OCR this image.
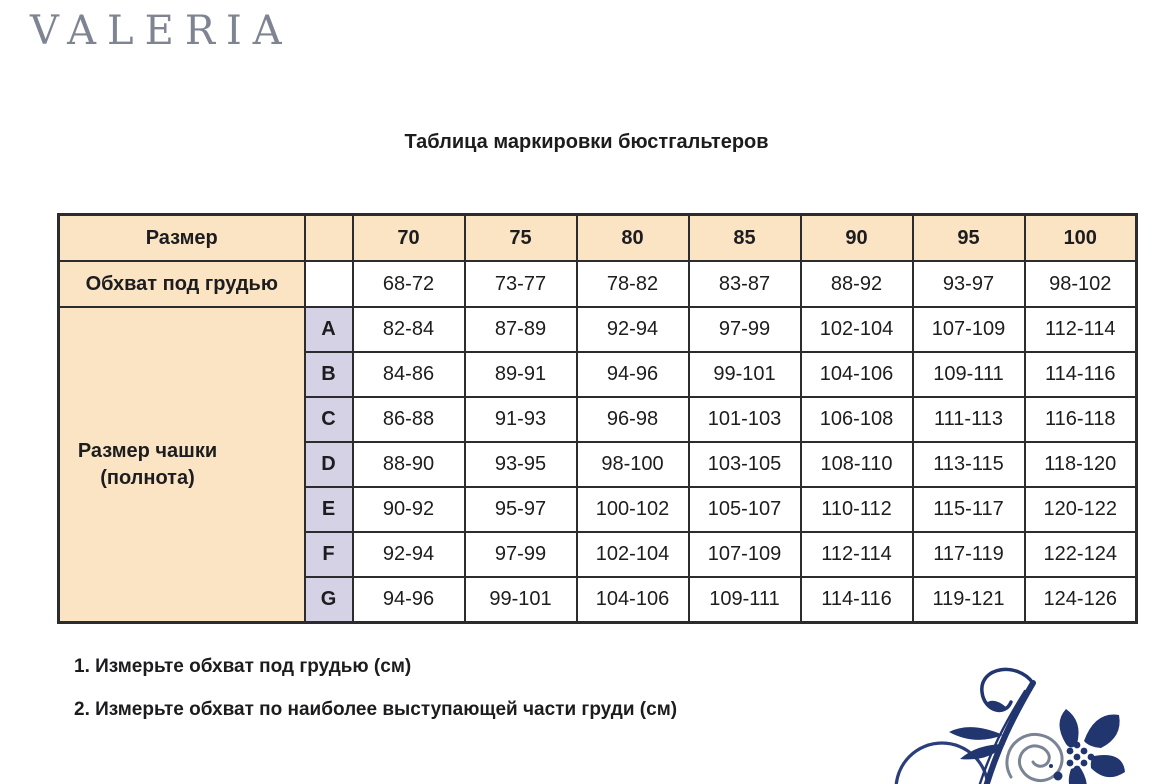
VALERIA
Таблица маркировки бюстгальтеров
Размер		70	75	80	85	90	95	100
Обхват под грудью		68-72	73-77	78-82	83-87	88-92	93-97	98-102

Размер чашки (полнота)	A	82-84	87-89	92-94	97-99	102-104	107-109	112-114
	B	84-86	89-91	94-96	99-101	104-106	109-111	114-116
	C	86-88	91-93	96-98	101-103	106-108	111-113	116-118
	D	88-90	93-95	98-100	103-105	108-110	113-115	118-120
	E	90-92	95-97	100-102	105-107	110-112	115-117	120-122
	F	92-94	97-99	102-104	107-109	112-114	117-119	122-124
	G	94-96	99-101	104-106	109-111	114-116	119-121	124-126

1. Измерьте обхват под грудью (см)

2. Измерьте обхват по наиболее выступающей части груди (см)
